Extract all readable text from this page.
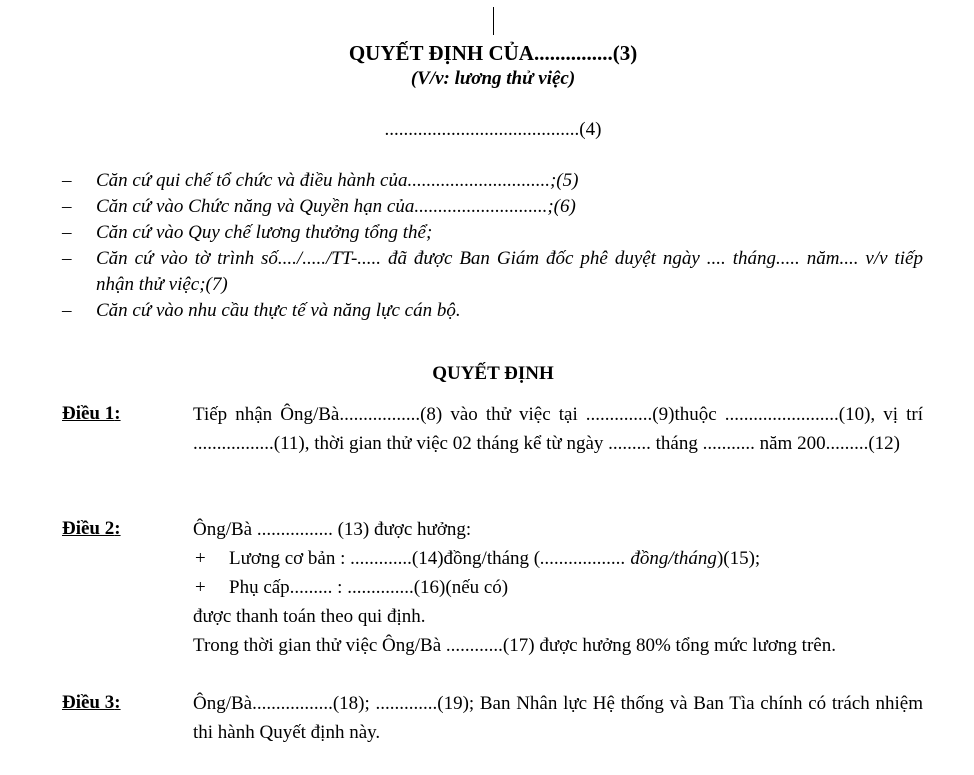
QUYẾT ĐỊNH CỦA...............(3)
(V/v: lương thử việc)
.........................................(4)
– Căn cứ qui chế tổ chức và điều hành của..............................;(5)
– Căn cứ vào Chức năng và Quyền hạn của............................;(6)
– Căn cứ vào Quy chế lương thưởng tổng thể;
– Căn cứ vào tờ trình số..../...../TT-..... đã được Ban Giám đốc phê duyệt ngày .... tháng..... năm.... v/v tiếp nhận thử việc;(7)
– Căn cứ vào nhu cầu thực tế và năng lực cán bộ.
QUYẾT ĐỊNH
Điều 1:	Tiếp nhận Ông/Bà.................(8) vào thử việc tại ..............(9)thuộc ........................(10), vị trí .................(11), thời gian thử việc 02 tháng kể từ ngày ......... tháng ........... năm 200.........(12)
Điều 2:	Ông/Bà ................ (13) được hưởng:
+ Lương cơ bản : .............(14)đồng/tháng (.................. đồng/tháng)(15);
+ Phụ cấp......... : ..............(16)(nếu có)
được thanh toán theo qui định.
Trong thời gian thử việc Ông/Bà ............(17) được hưởng 80% tổng mức lương trên.
Điều 3:	Ông/Bà.................(18); .............(19); Ban Nhân lực Hệ thống và Ban Tìa chính có trách nhiệm thi hành Quyết định này.
